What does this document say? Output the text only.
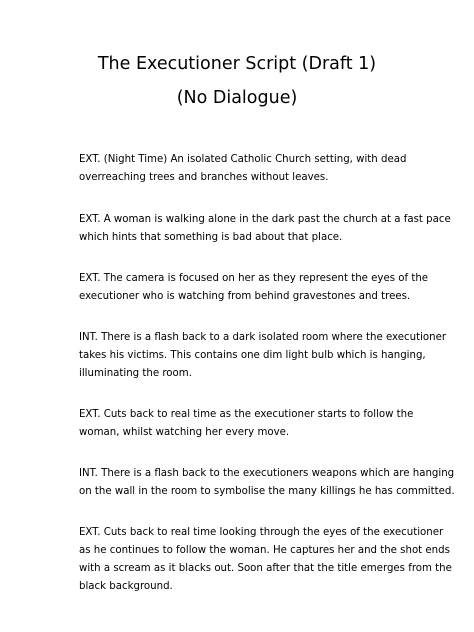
The Executioner Script (Draft 1)
(No Dialogue)
EXT. (Night Time) An isolated Catholic Church setting, with dead
overreaching trees and branches without leaves.
EXT. A woman is walking alone in the dark past the church at a fast pace
which hints that something is bad about that place.
EXT. The camera is focused on her as they represent the eyes of the
executioner who is watching from behind gravestones and trees.
INT. There is a flash back to a dark isolated room where the executioner
takes his victims. This contains one dim light bulb which is hanging,
illuminating the room.
EXT. Cuts back to real time as the executioner starts to follow the
woman, whilst watching her every move.
INT. There is a flash back to the executioners weapons which are hanging
on the wall in the room to symbolise the many killings he has committed.
EXT. Cuts back to real time looking through the eyes of the executioner
as he continues to follow the woman. He captures her and the shot ends
with a scream as it blacks out. Soon after that the title emerges from the
black background.
